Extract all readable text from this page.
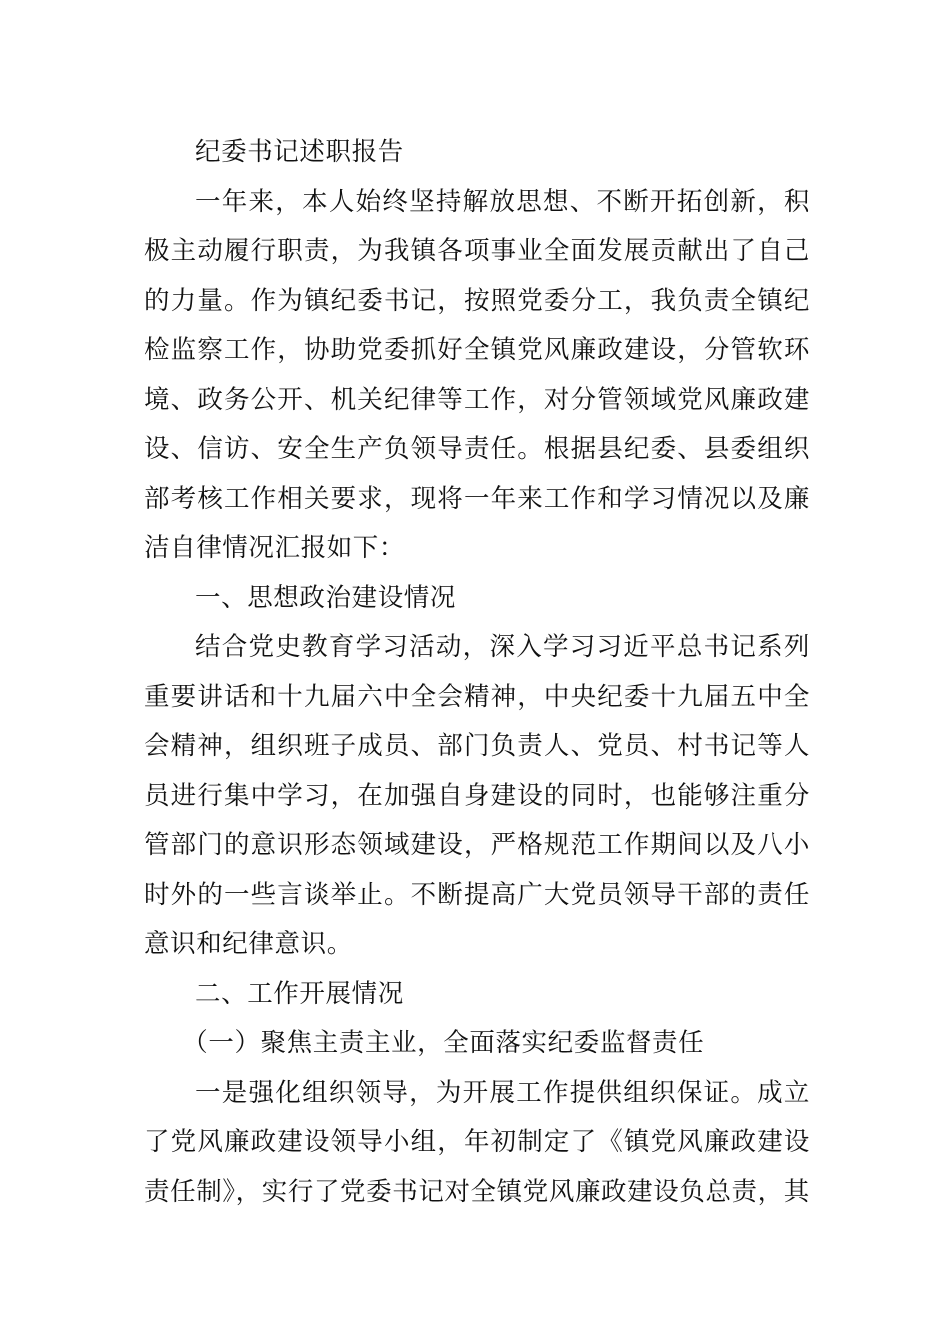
纪委书记述职报告

一年来，本人始终坚持解放思想、不断开拓创新，积极主动履行职责，为我镇各项事业全面发展贡献出了自己的力量。作为镇纪委书记，按照党委分工，我负责全镇纪检监察工作，协助党委抓好全镇党风廉政建设，分管软环境、政务公开、机关纪律等工作，对分管领域党风廉政建设、信访、安全生产负领导责任。根据县纪委、县委组织部考核工作相关要求，现将一年来工作和学习情况以及廉洁自律情况汇报如下：

一、思想政治建设情况

结合党史教育学习活动，深入学习习近平总书记系列重要讲话和十九届六中全会精神，中央纪委十九届五中全会精神，组织班子成员、部门负责人、党员、村书记等人员进行集中学习，在加强自身建设的同时，也能够注重分管部门的意识形态领域建设，严格规范工作期间以及八小时外的一些言谈举止。不断提高广大党员领导干部的责任意识和纪律意识。

二、工作开展情况

（一）聚焦主责主业，全面落实纪委监督责任

一是强化组织领导，为开展工作提供组织保证。成立了党风廉政建设领导小组，年初制定了《镇党风廉政建设责任制》，实行了党委书记对全镇党风廉政建设负总责，其
